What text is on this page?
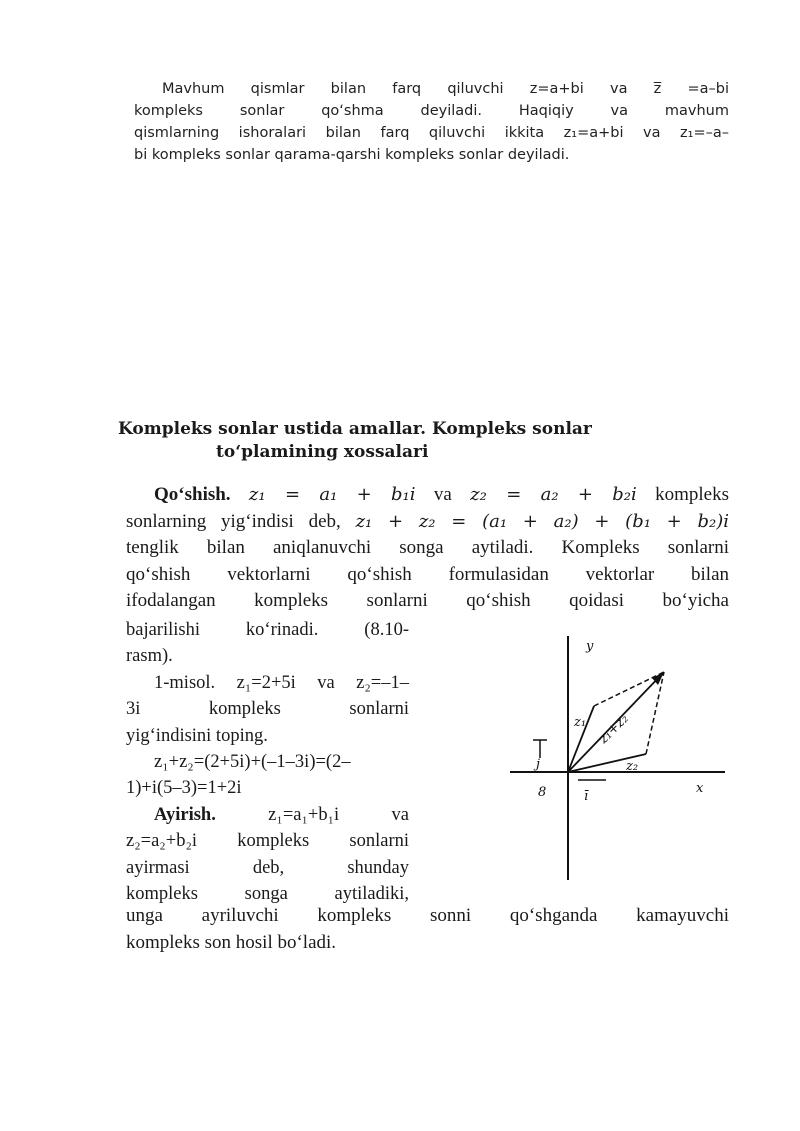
Mavhum qismlar bilan farq qiluvchi z=a+bi va z̅ =a–bi
kompleks sonlar qo‘shma deyiladi. Haqiqiy va mavhum
qismlarning ishoralari bilan farq qiluvchi ikkita z₁=a+bi va z₁=–a–
bi kompleks sonlar qarama-qarshi kompleks sonlar deyiladi.
Kompleks sonlar ustida amallar. Kompleks sonlar
to‘plamining xossalari
Qo‘shish. z₁ = a₁ + b₁i va z₂ = a₂ + b₂i kompleks
sonlarning yig‘indisi deb, z₁ + z₂ = (a₁ + a₂) + (b₁ + b₂)i
tenglik bilan aniqlanuvchi songa aytiladi. Kompleks sonlarni
qo‘shish vektorlarni qo‘shish formulasidan vektorlar bilan
ifodalangan kompleks sonlarni qo‘shish qoidasi bo‘yicha
bajarilishi ko‘rinadi. (8.10-
rasm).
1-misol. z₁=2+5i va z₂=–1–
3i kompleks sonlarni
yig‘indisini toping.
z₁+z₂=(2+5i)+(–1–3i)=(2–
1)+i(5–3)=1+2i
Ayirish.	z₁=a₁+b₁i va
z₂=a₂+b₂i kompleks sonlarni
ayirmasi deb, shunday
kompleks songa aytiladiki,
unga ayriluvchi kompleks sonni qo‘shganda kamayuvchi
kompleks son hosil bo‘ladi.
y
x
8
j
ī
z₁
z₂
z₁+z₂
